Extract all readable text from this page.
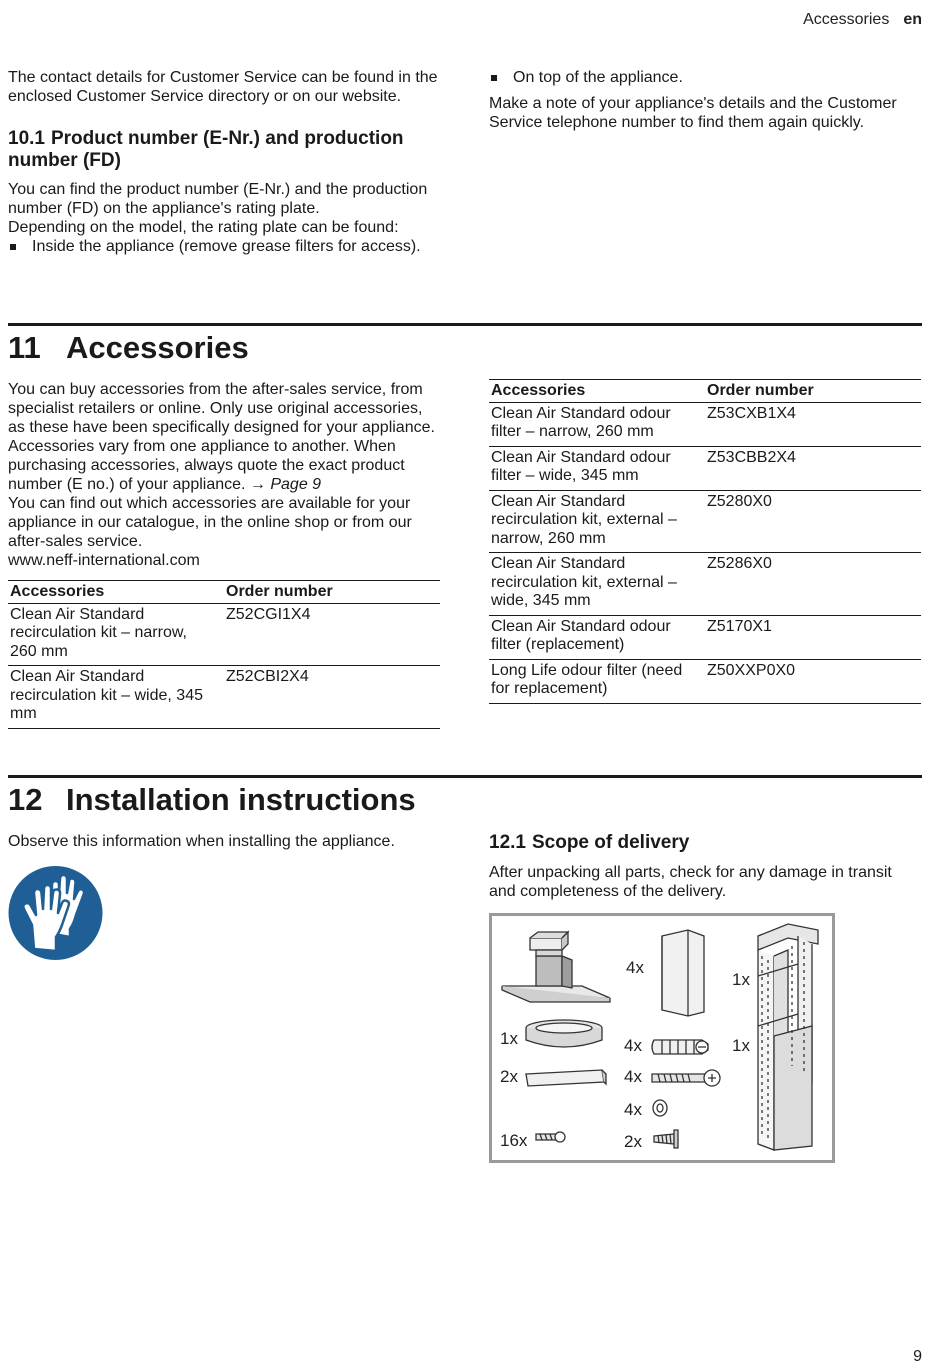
Accessories en

The contact details for Customer Service can be found in the enclosed Customer Service directory or on our website.

10.1 Product number (E-Nr.) and production number (FD)

You can find the product number (E-Nr.) and the production number (FD) on the appliance's rating plate.

Depending on the model, the rating plate can be found:

Inside the appliance (remove grease filters for access).
On top of the appliance.

Make a note of your appliance's details and the Customer Service telephone number to find them again quickly.

11 Accessories

You can buy accessories from the after-sales service, from specialist retailers or online. Only use original accessories, as these have been specifically designed for your appliance.

Accessories vary from one appliance to another. When purchasing accessories, always quote the exact product number (E no.) of your appliance. → Page 9

You can find out which accessories are available for your appliance in our catalogue, in the online shop or from our after-sales service.

www.neff-international.com

Accessories	Order number
Clean Air Standard recirculation kit – narrow, 260 mm	Z52CGI1X4
Clean Air Standard recirculation kit – wide, 345 mm	Z52CBI2X4
Accessories	Order number
Clean Air Standard odour filter – narrow, 260 mm	Z53CXB1X4
Clean Air Standard odour filter – wide, 345 mm	Z53CBB2X4
Clean Air Standard recirculation kit, external – narrow, 260 mm	Z5280X0
Clean Air Standard recirculation kit, external – wide, 345 mm	Z5286X0
Clean Air Standard odour filter (replacement)	Z5170X1
Long Life odour filter (need for replacement)	Z50XXP0X0
12 Installation instructions

Observe this information when installing the appliance.	12.1 Scope of delivery

After unpacking all parts, check for any damage in transit and completeness of the delivery.

4x
1x
1x	1x
4x
2x	4x
4x
16x	2x
9
